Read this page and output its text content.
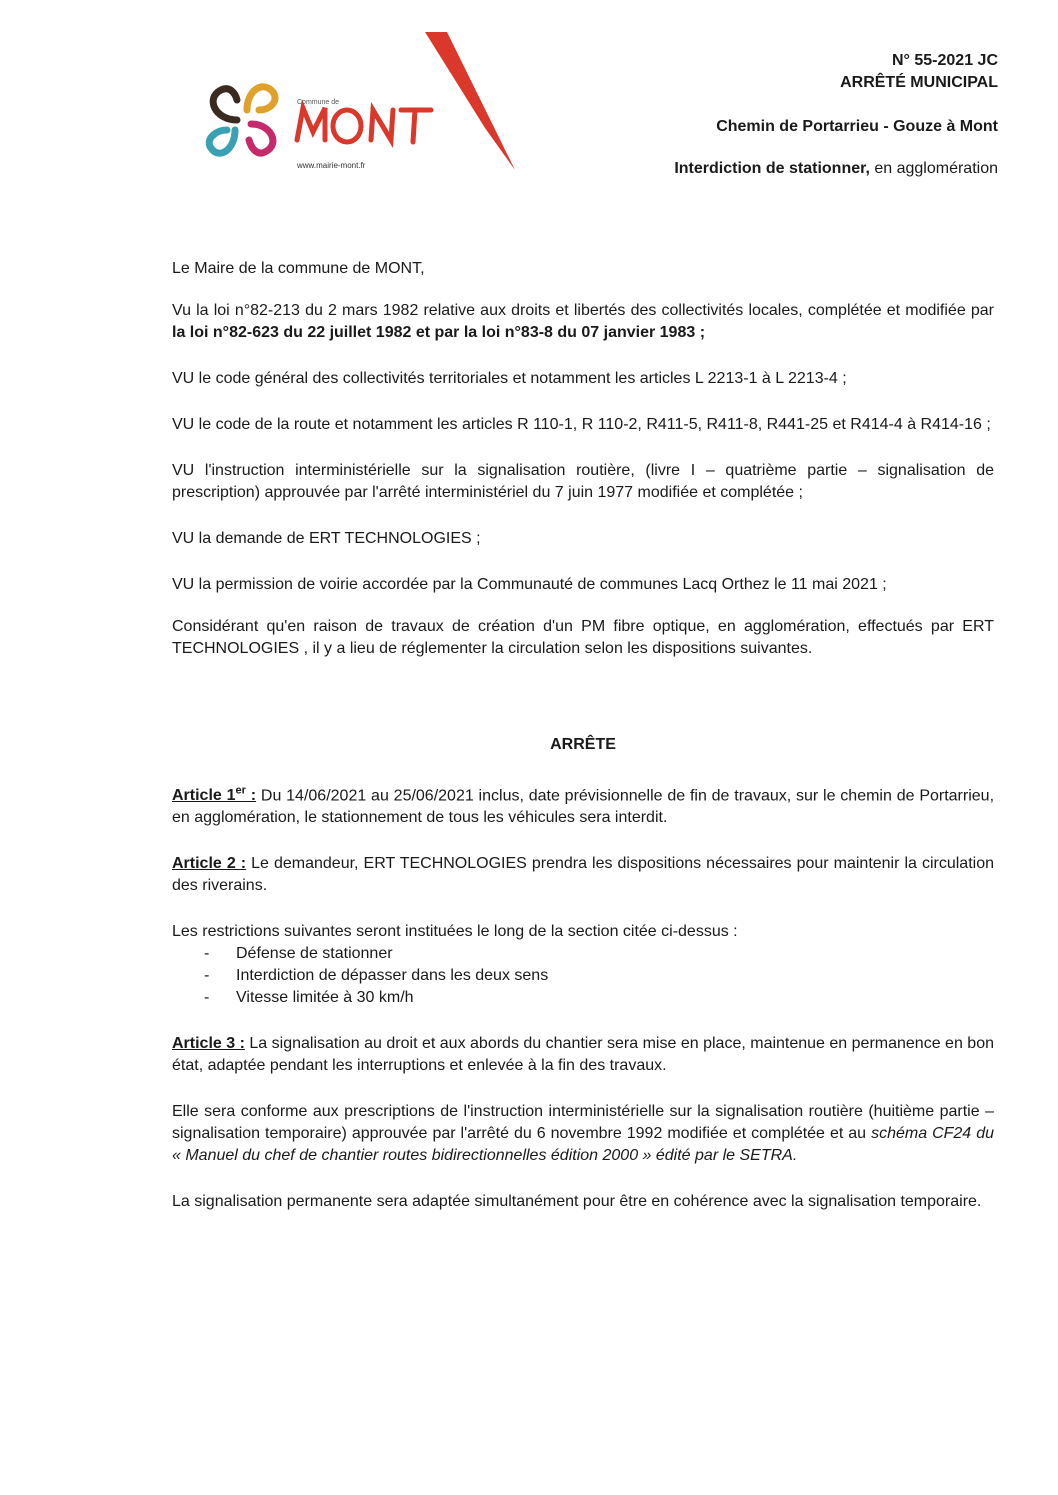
Commune de
www.mairie-mont.fr
N° 55-2021 JC
ARRÊTÉ MUNICIPAL
Chemin de Portarrieu - Gouze à Mont
Interdiction de stationner, en agglomération

Le Maire de la commune de MONT,

Vu la loi n°82-213 du 2 mars 1982 relative aux droits et libertés des collectivités locales, complétée et modifiée par la loi n°82-623 du 22 juillet 1982 et par la loi n°83-8 du 07 janvier 1983 ;

VU le code général des collectivités territoriales et notamment les articles L 2213-1 à L 2213-4 ;

VU le code de la route et notamment les articles R 110-1, R 110-2, R411-5, R411-8, R441-25 et R414-4 à R414-16 ;

VU l'instruction interministérielle sur la signalisation routière, (livre I – quatrième partie – signalisation de prescription) approuvée par l'arrêté interministériel du 7 juin 1977 modifiée et complétée ;

VU la demande de ERT TECHNOLOGIES ;

VU la permission de voirie accordée par la Communauté de communes Lacq Orthez le 11 mai 2021 ;

Considérant qu'en raison de travaux de création d'un PM fibre optique, en agglomération, effectués par ERT TECHNOLOGIES , il y a lieu de réglementer la circulation selon les dispositions suivantes.

ARRÊTE

Article 1er : Du 14/06/2021 au 25/06/2021 inclus, date prévisionnelle de fin de travaux, sur le chemin de Portarrieu, en agglomération, le stationnement de tous les véhicules sera interdit.

Article 2 : Le demandeur, ERT TECHNOLOGIES prendra les dispositions nécessaires pour maintenir la circulation des riverains.

Les restrictions suivantes seront instituées le long de la section citée ci-dessus :

- Défense de stationner
- Interdiction de dépasser dans les deux sens
- Vitesse limitée à 30 km/h

Article 3 : La signalisation au droit et aux abords du chantier sera mise en place, maintenue en permanence en bon état, adaptée pendant les interruptions et enlevée à la fin des travaux.

Elle sera conforme aux prescriptions de l'instruction interministérielle sur la signalisation routière (huitième partie – signalisation temporaire) approuvée par l'arrêté du 6 novembre 1992 modifiée et complétée et au schéma CF24 du « Manuel du chef de chantier routes bidirectionnelles édition 2000 » édité par le SETRA.

La signalisation permanente sera adaptée simultanément pour être en cohérence avec la signalisation temporaire.
